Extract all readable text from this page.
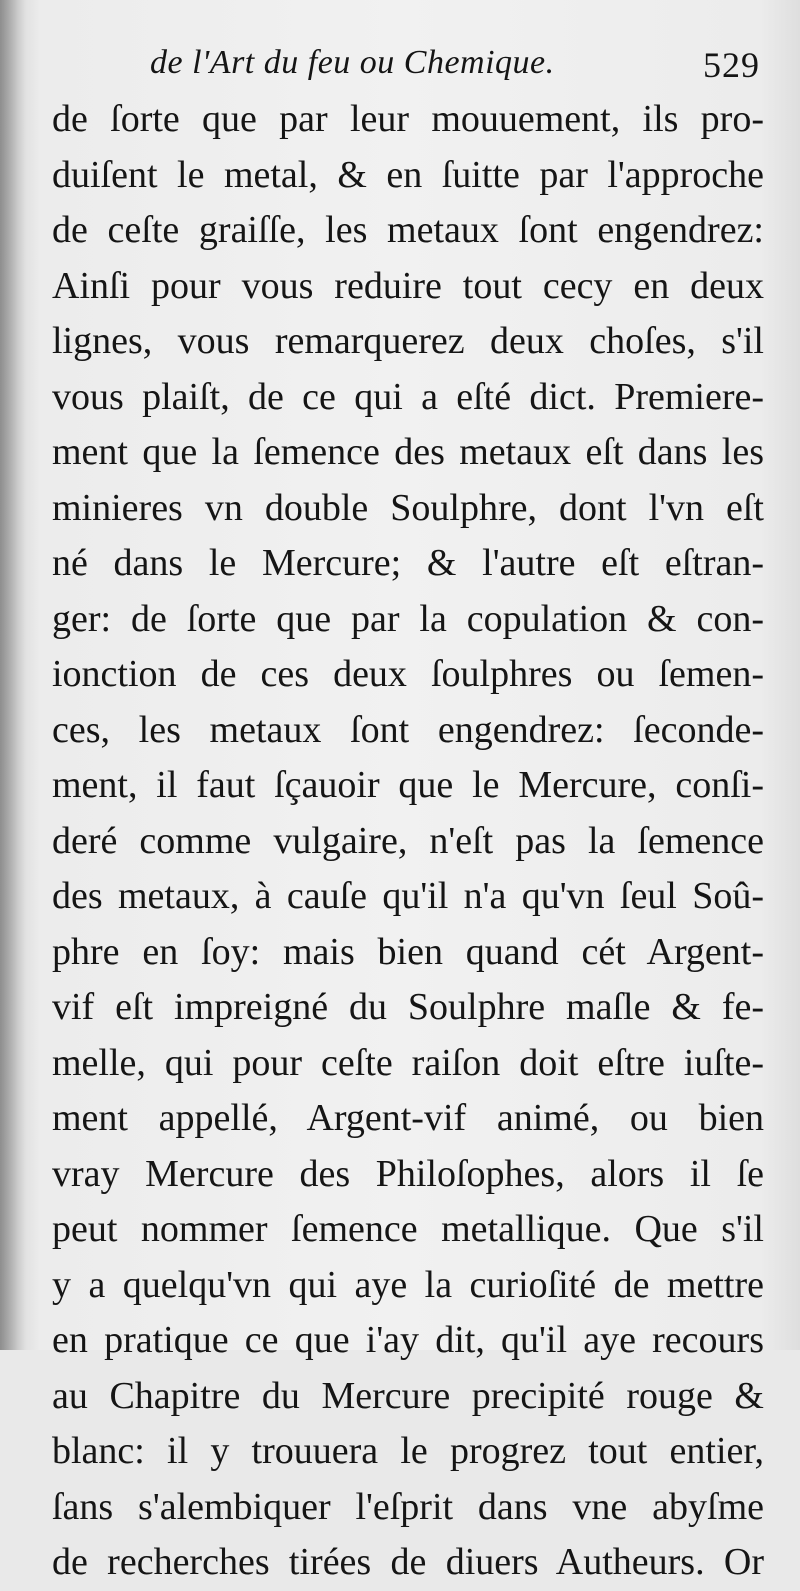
de l'Art du feu ou Chemique.	529
de ſorte que par leur mouuement, ils pro-
duiſent le metal, & en ſuitte par l'approche
de ceſte graiſſe, les metaux ſont engendrez:
Ainſi pour vous reduire tout cecy en deux
lignes, vous remarquerez deux choſes, s'il
vous plaiſt, de ce qui a eſté dict. Premiere-
ment que la ſemence des metaux eſt dans les
minieres vn double Soulphre, dont l'vn eſt
né dans le Mercure; & l'autre eſt eſtran-
ger: de ſorte que par la copulation & con-
ionction de ces deux ſoulphres ou ſemen-
ces, les metaux ſont engendrez: ſeconde-
ment, il faut ſçauoir que le Mercure, conſi-
deré comme vulgaire, n'eſt pas la ſemence
des metaux, à cauſe qu'il n'a qu'vn ſeul Soû-
phre en ſoy: mais bien quand cét Argent-
vif eſt impreigné du Soulphre maſle & fe-
melle, qui pour ceſte raiſon doit eſtre iuſte-
ment appellé, Argent-vif animé, ou bien
vray Mercure des Philoſophes, alors il ſe
peut nommer ſemence metallique. Que s'il
y a quelqu'vn qui aye la curioſité de mettre
en pratique ce que i'ay dit, qu'il aye recours
au Chapitre du Mercure precipité rouge &
blanc: il y trouuera le progrez tout entier,
ſans s'alembiquer l'eſprit dans vne abyſme
de recherches tirées de diuers Autheurs. Or
